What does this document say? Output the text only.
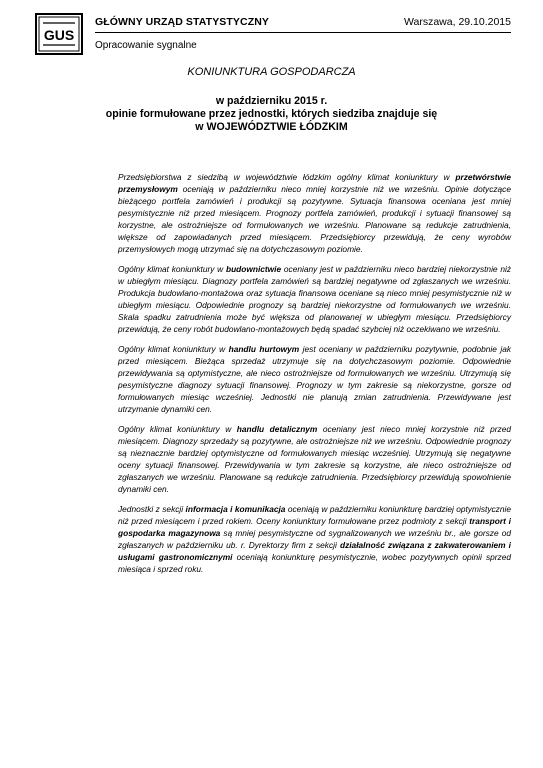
GUS
GŁÓWNY URZĄD STATYSTYCZNY	Warszawa, 29.10.2015
Opracowanie sygnalne
KONIUNKTURA GOSPODARCZA
w październiku 2015 r.
opinie formułowane przez jednostki, których siedziba znajduje się
w WOJEWÓDZTWIE ŁÓDZKIM

Przedsiębiorstwa z siedzibą w województwie łódzkim ogólny klimat koniunktury w przetwórstwie przemysłowym oceniają w październiku nieco mniej korzystnie niż we wrześniu. Opinie dotyczące bieżącego portfela zamówień i produkcji są pozytywne. Sytuacja finansowa oceniana jest mniej pesymistycznie niż przed miesiącem. Prognozy portfela zamówień, produkcji i sytuacji finansowej są korzystne, ale ostrożniejsze od formułowanych we wrześniu. Planowane są redukcje zatrudnienia, większe od zapowiadanych przed miesiącem. Przedsiębiorcy przewidują, że ceny wyrobów przemysłowych mogą utrzymać się na dotychczasowym poziomie.

Ogólny klimat koniunktury w budownictwie oceniany jest w październiku nieco bardziej niekorzystnie niż w ubiegłym miesiącu. Diagnozy portfela zamówień są bardziej negatywne od zgłaszanych we wrześniu. Produkcja budowlano-montażowa oraz sytuacja finansowa oceniane są nieco mniej pesymistycznie niż w ubiegłym miesiącu. Odpowiednie prognozy są bardziej niekorzystne od formułowanych we wrześniu. Skala spadku zatrudnienia może być większa od planowanej w ubiegłym miesiącu. Przedsiębiorcy przewidują, że ceny robót budowlano-montażowych będą spadać szybciej niż oczekiwano we wrześniu.

Ogólny klimat koniunktury w handlu hurtowym jest oceniany w październiku pozytywnie, podobnie jak przed miesiącem. Bieżąca sprzedaż utrzymuje się na dotychczasowym poziomie. Odpowiednie przewidywania są optymistyczne, ale nieco ostrożniejsze od formułowanych we wrześniu. Utrzymują się pesymistyczne diagnozy sytuacji finansowej. Prognozy w tym zakresie są niekorzystne, gorsze od formułowanych miesiąc wcześniej. Jednostki nie planują zmian zatrudnienia. Przewidywane jest utrzymanie dynamiki cen.

Ogólny klimat koniunktury w handlu detalicznym oceniany jest nieco mniej korzystnie niż przed miesiącem. Diagnozy sprzedaży są pozytywne, ale ostrożniejsze niż we wrześniu. Odpowiednie prognozy są nieznacznie bardziej optymistyczne od formułowanych miesiąc wcześniej. Utrzymują się negatywne oceny sytuacji finansowej. Przewidywania w tym zakresie są korzystne, ale nieco ostrożniejsze od zgłaszanych we wrześniu. Planowane są redukcje zatrudnienia. Przedsiębiorcy przewidują spowolnienie dynamiki cen.

Jednostki z sekcji informacja i komunikacja oceniają w październiku koniunkturę bardziej optymistycznie niż przed miesiącem i przed rokiem. Oceny koniunktury formułowane przez podmioty z sekcji transport i gospodarka magazynowa są mniej pesymistyczne od sygnalizowanych we wrześniu br., ale gorsze od zgłaszanych w październiku ub. r. Dyrektorzy firm z sekcji działalność związana z zakwaterowaniem i usługami gastronomicznymi oceniają koniunkturę pesymistycznie, wobec pozytywnych opinii sprzed miesiąca i sprzed roku.
